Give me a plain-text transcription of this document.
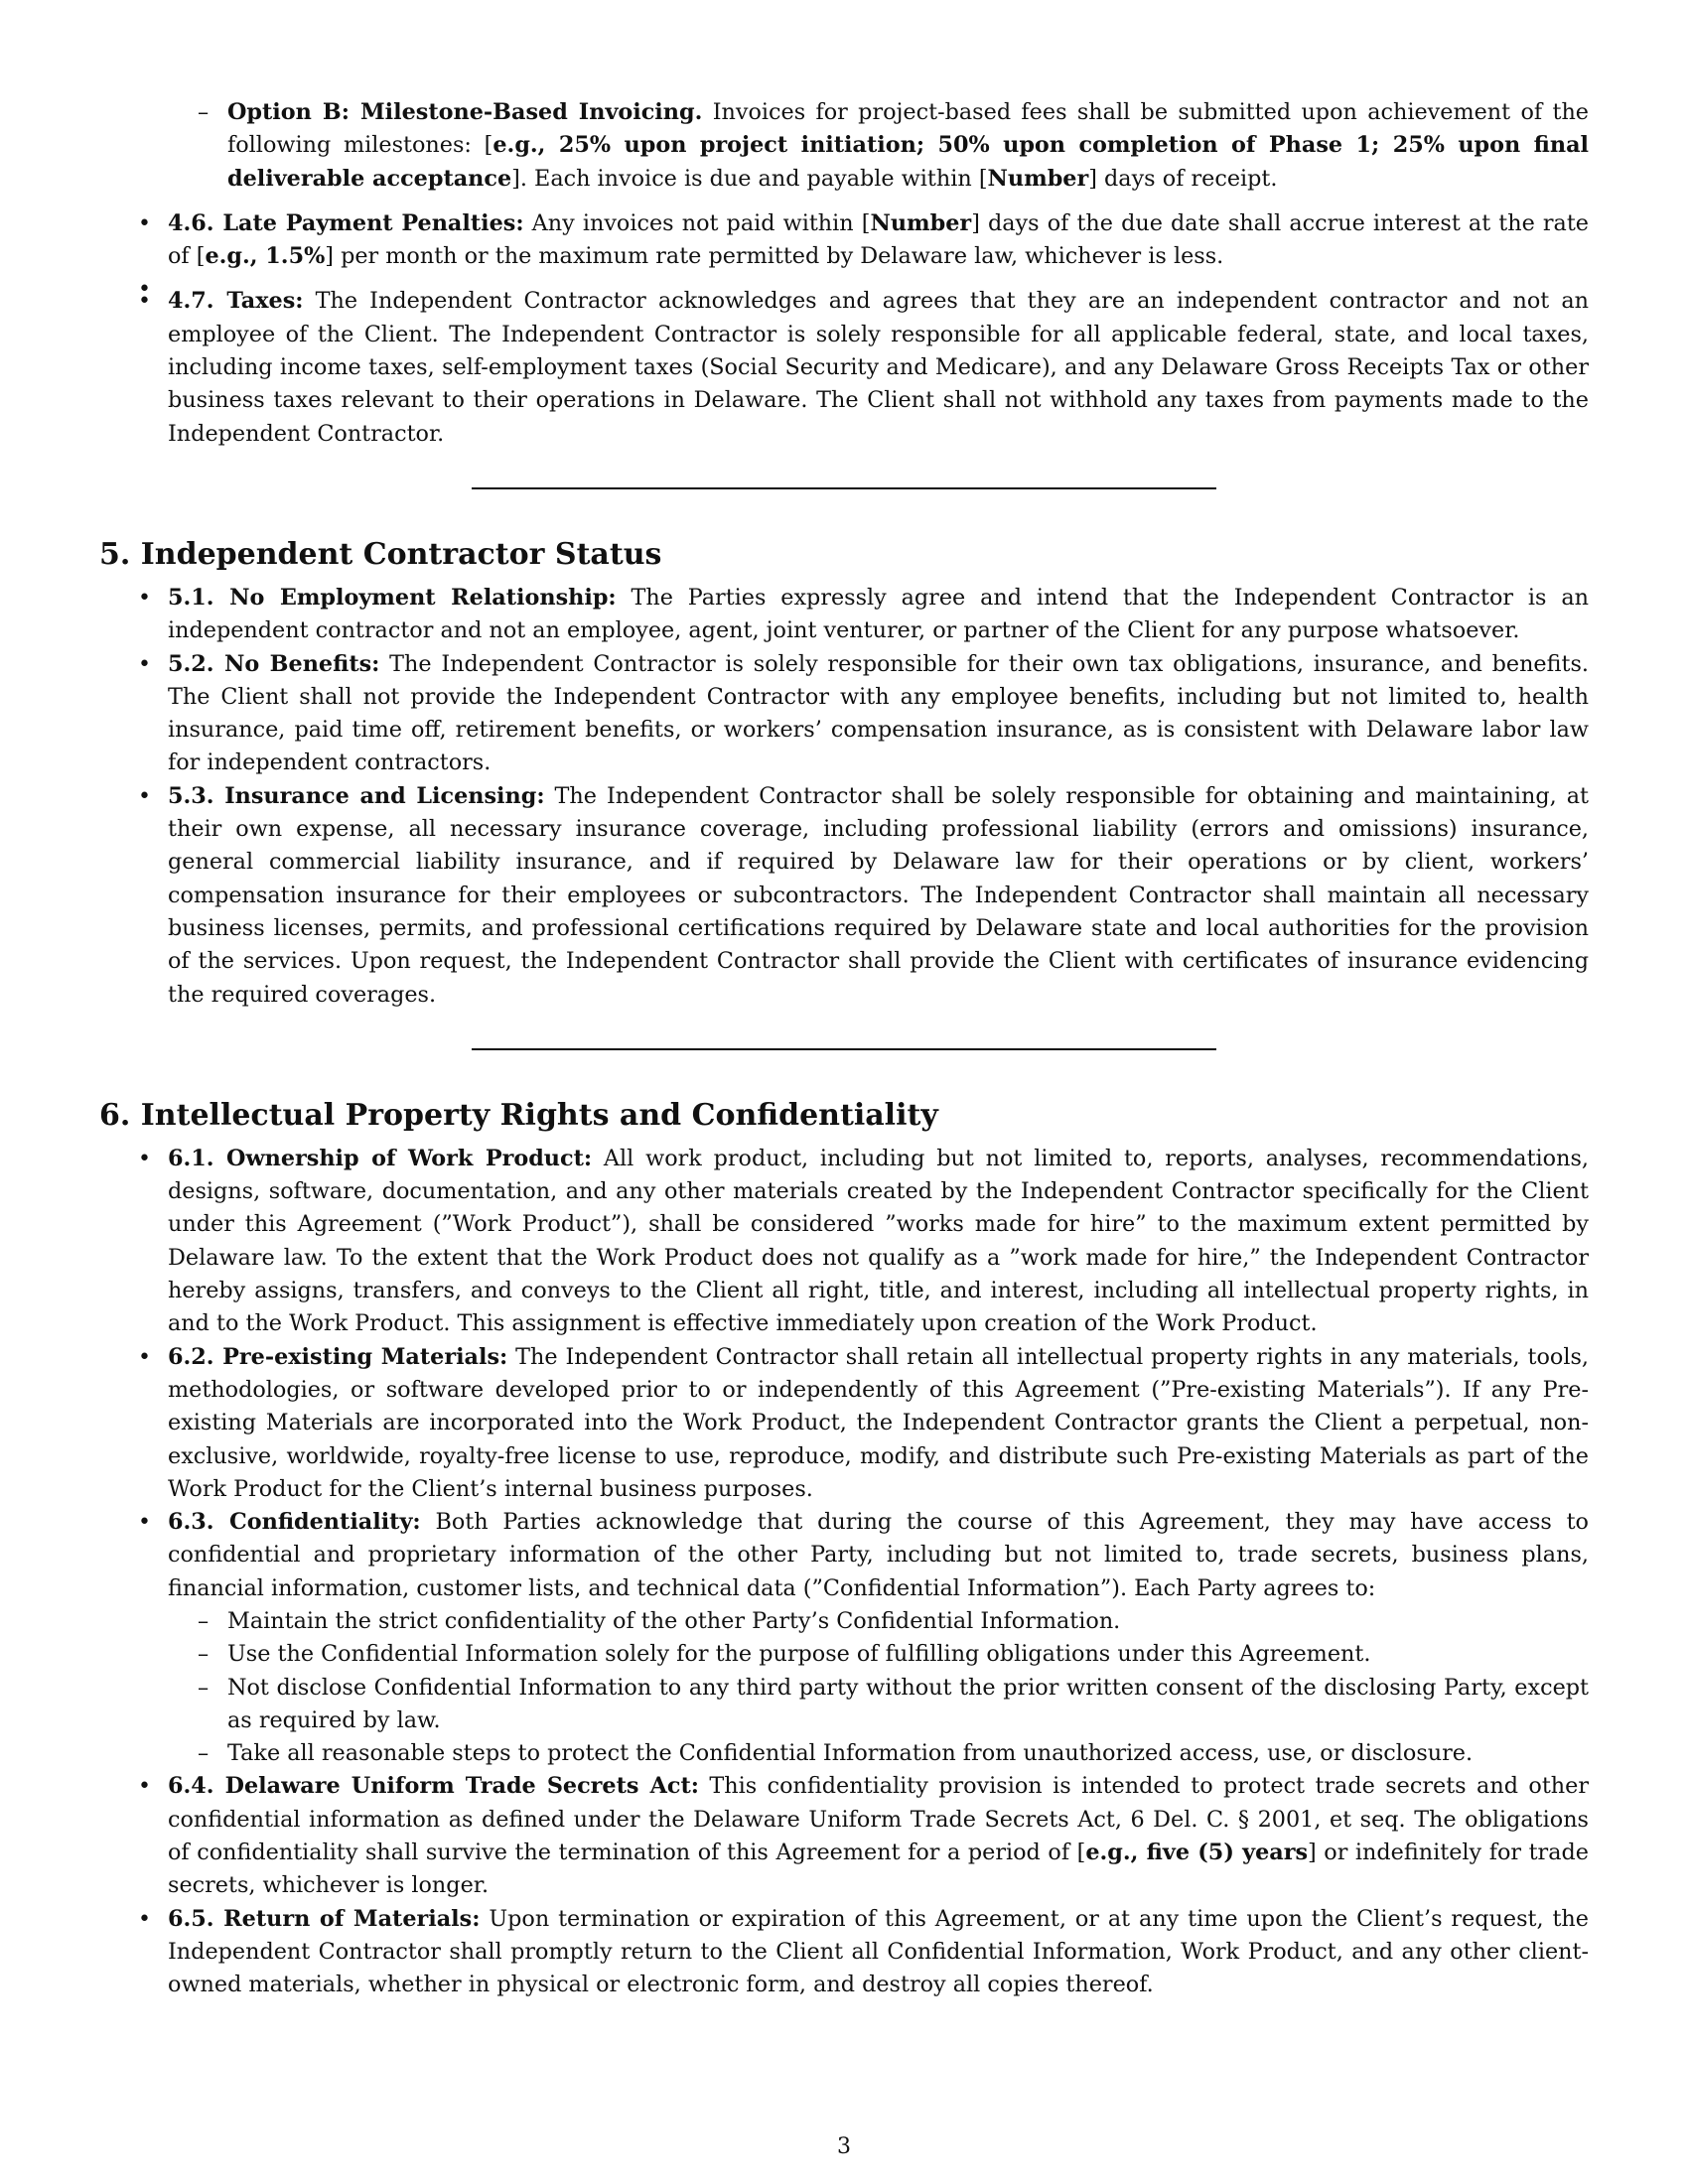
– Option B: Milestone-Based Invoicing. Invoices for project-based fees shall be submitted upon achievement of the following milestones: [e.g., 25% upon project initiation; 50% upon completion of Phase 1; 25% upon final deliverable acceptance]. Each invoice is due and payable within [Number] days of receipt.
• 4.6. Late Payment Penalties: Any invoices not paid within [Number] days of the due date shall accrue interest at the rate of [e.g., 1.5%] per month or the maximum rate permitted by Delaware law, whichever is less.
•
• 4.7. Taxes: The Independent Contractor acknowledges and agrees that they are an independent contractor and not an employee of the Client. The Independent Contractor is solely responsible for all applicable federal, state, and local taxes, including income taxes, self-employment taxes (Social Security and Medicare), and any Delaware Gross Receipts Tax or other business taxes relevant to their operations in Delaware. The Client shall not withhold any taxes from payments made to the Independent Contractor.
5. Independent Contractor Status
• 5.1. No Employment Relationship: The Parties expressly agree and intend that the Independent Contractor is an independent contractor and not an employee, agent, joint venturer, or partner of the Client for any purpose whatsoever.
• 5.2. No Benefits: The Independent Contractor is solely responsible for their own tax obligations, insurance, and benefits. The Client shall not provide the Independent Contractor with any employee benefits, including but not limited to, health insurance, paid time off, retirement benefits, or workers’ compensation insurance, as is consistent with Delaware labor law for independent contractors.
• 5.3. Insurance and Licensing: The Independent Contractor shall be solely responsible for obtaining and maintaining, at their own expense, all necessary insurance coverage, including professional liability (errors and omissions) insurance, general commercial liability insurance, and if required by Delaware law for their operations or by client, workers’ compensation insurance for their employees or subcontractors. The Independent Contractor shall maintain all necessary business licenses, permits, and professional certifications required by Delaware state and local authorities for the provision of the services. Upon request, the Independent Contractor shall provide the Client with certificates of insurance evidencing the required coverages.
6. Intellectual Property Rights and Confidentiality
• 6.1. Ownership of Work Product: All work product, including but not limited to, reports, analyses, recommendations, designs, software, documentation, and any other materials created by the Independent Contractor specifically for the Client under this Agreement (”Work Product”), shall be considered ”works made for hire” to the maximum extent permitted by Delaware law. To the extent that the Work Product does not qualify as a ”work made for hire,” the Independent Contractor hereby assigns, transfers, and conveys to the Client all right, title, and interest, including all intellectual property rights, in and to the Work Product. This assignment is effective immediately upon creation of the Work Product.
• 6.2. Pre-existing Materials: The Independent Contractor shall retain all intellectual property rights in any materials, tools, methodologies, or software developed prior to or independently of this Agreement (”Pre-existing Materials”). If any Pre-existing Materials are incorporated into the Work Product, the Independent Contractor grants the Client a perpetual, non-exclusive, worldwide, royalty-free license to use, reproduce, modify, and distribute such Pre-existing Materials as part of the Work Product for the Client’s internal business purposes.
• 6.3. Confidentiality: Both Parties acknowledge that during the course of this Agreement, they may have access to confidential and proprietary information of the other Party, including but not limited to, trade secrets, business plans, financial information, customer lists, and technical data (”Confidential Information”). Each Party agrees to:
– Maintain the strict confidentiality of the other Party’s Confidential Information.
– Use the Confidential Information solely for the purpose of fulfilling obligations under this Agreement.
– Not disclose Confidential Information to any third party without the prior written consent of the disclosing Party, except as required by law.
– Take all reasonable steps to protect the Confidential Information from unauthorized access, use, or disclosure.
• 6.4. Delaware Uniform Trade Secrets Act: This confidentiality provision is intended to protect trade secrets and other confidential information as defined under the Delaware Uniform Trade Secrets Act, 6 Del. C. § 2001, et seq. The obligations of confidentiality shall survive the termination of this Agreement for a period of [e.g., five (5) years] or indefinitely for trade secrets, whichever is longer.
• 6.5. Return of Materials: Upon termination or expiration of this Agreement, or at any time upon the Client’s request, the Independent Contractor shall promptly return to the Client all Confidential Information, Work Product, and any other client-owned materials, whether in physical or electronic form, and destroy all copies thereof.
3
